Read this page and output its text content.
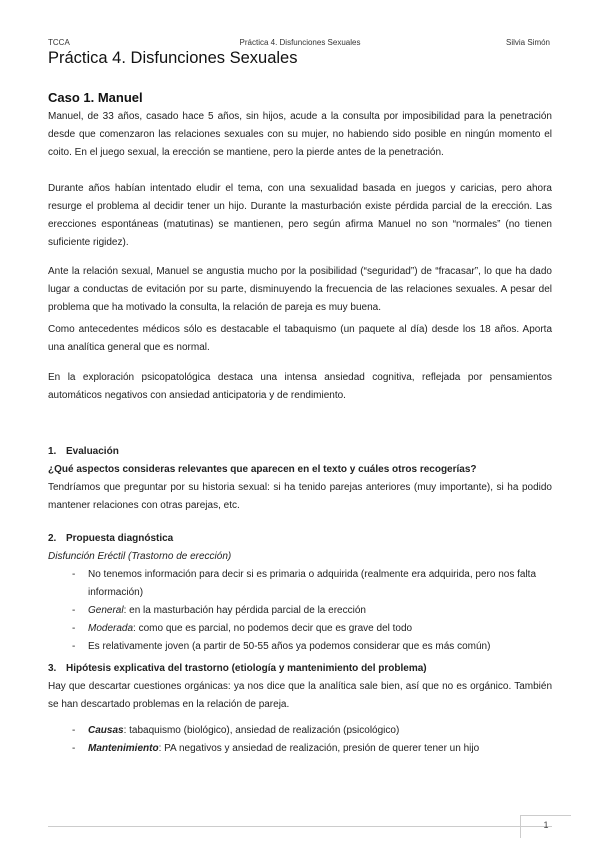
Práctica 4. Disfunciones Sexuales
TCCA	Silvia Simón
Práctica 4. Disfunciones Sexuales
Caso 1. Manuel

Manuel, de 33 años, casado hace 5 años, sin hijos, acude a la consulta por imposibilidad para la penetración desde que comenzaron las relaciones sexuales con su mujer, no habiendo sido posible en ningún momento el coito. En el juego sexual, la erección se mantiene, pero la pierde antes de la penetración.

Durante años habían intentado eludir el tema, con una sexualidad basada en juegos y caricias, pero ahora resurge el problema al decidir tener un hijo. Durante la masturbación existe pérdida parcial de la erección. Las erecciones espontáneas (matutinas) se mantienen, pero según afirma Manuel no son “normales” (no tienen suficiente rigidez).

Ante la relación sexual, Manuel se angustia mucho por la posibilidad (“seguridad”) de “fracasar”, lo que ha dado lugar a conductas de evitación por su parte, disminuyendo la frecuencia de las relaciones sexuales. A pesar del problema que ha motivado la consulta, la relación de pareja es muy buena.

Como antecedentes médicos sólo es destacable el tabaquismo (un paquete al día) desde los 18 años. Aporta una analítica general que es normal.

En la exploración psicopatológica destaca una intensa ansiedad cognitiva, reflejada por pensamientos automáticos negativos con ansiedad anticipatoria y de rendimiento.

1. Evaluación
¿Qué aspectos consideras relevantes que aparecen en el texto y cuáles otros recogerías?
Tendríamos que preguntar por su historia sexual: si ha tenido parejas anteriores (muy importante), si ha podido mantener relaciones con otras parejas, etc.
2. Propuesta diagnóstica
Disfunción Eréctil (Trastorno de erección)
- No tenemos información para decir si es primaria o adquirida (realmente era adquirida, pero nos falta información)
- General: en la masturbación hay pérdida parcial de la erección
- Moderada: como que es parcial, no podemos decir que es grave del todo
- Es relativamente joven (a partir de 50-55 años ya podemos considerar que es más común)
3. Hipótesis explicativa del trastorno (etiología y mantenimiento del problema)
Hay que descartar cuestiones orgánicas: ya nos dice que la analítica sale bien, así que no es orgánico. También se han descartado problemas en la relación de pareja.
- Causas: tabaquismo (biológico), ansiedad de realización (psicológico)
- Mantenimiento: PA negativos y ansiedad de realización, presión de querer tener un hijo
1
